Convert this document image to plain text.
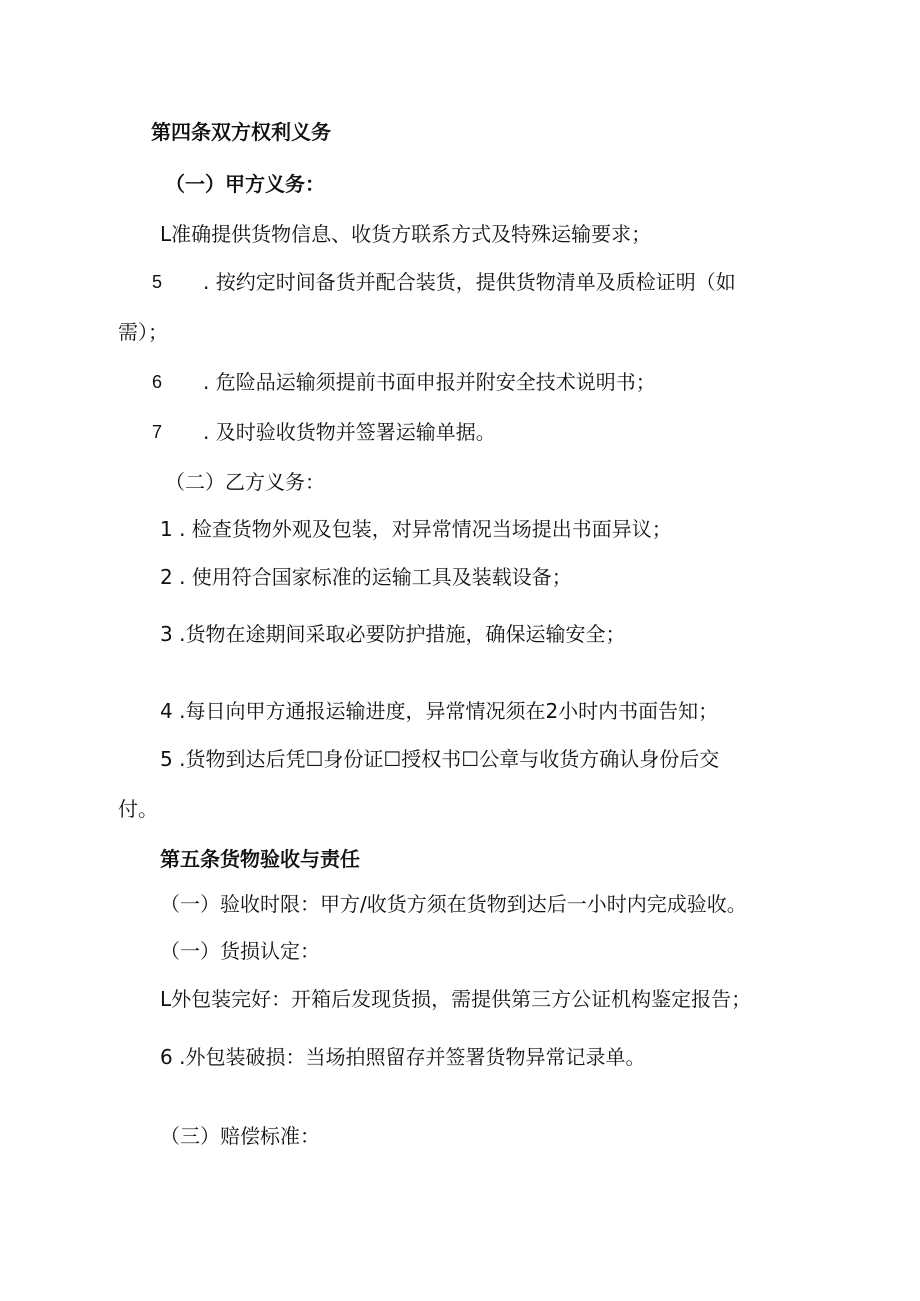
第四条双方权利义务
（一）甲方义务：
L准确提供货物信息、收货方联系方式及特殊运输要求；
5 . 按约定时间备货并配合装货，提供货物清单及质检证明（如
需）；
6 . 危险品运输须提前书面申报并附安全技术说明书；
7 . 及时验收货物并签署运输单据。
（二）乙方义务：
1 . 检查货物外观及包装，对异常情况当场提出书面异议；
2 . 使用符合国家标准的运输工具及装载设备；
3 .货物在途期间采取必要防护措施，确保运输安全；
4 .每日向甲方通报运输进度，异常情况须在2小时内书面告知；
5 .货物到达后凭☐身份证☐授权书☐公章与收货方确认身份后交
付。
第五条货物验收与责任
（一）验收时限：甲方/收货方须在货物到达后一小时内完成验收。
（一）货损认定：
L外包装完好：开箱后发现货损，需提供第三方公证机构鉴定报告；
6 .外包装破损：当场拍照留存并签署货物异常记录单。
（三）赔偿标准：
